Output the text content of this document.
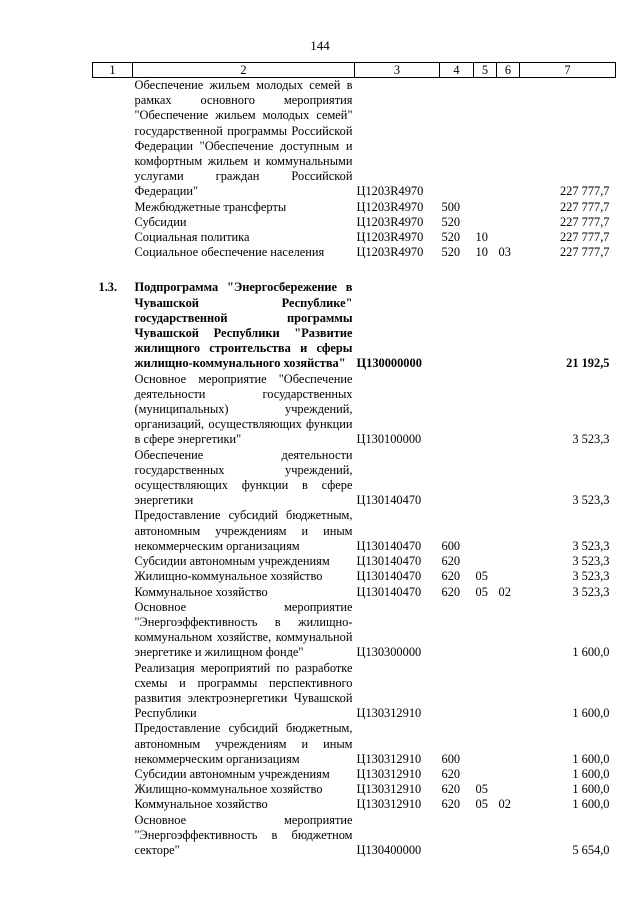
144
1	2	3	4	5	6	7
	Обеспечение жильем молодых семей в рамках основного мероприятия "Обеспечение жильем молодых семей" государственной программы Российской Федерации "Обеспечение доступным и комфортным жильем и коммунальными услугами граждан Российской Федерации"	Ц1203R4970				227 777,7
	Межбюджетные трансферты	Ц1203R4970	500			227 777,7
	Субсидии	Ц1203R4970	520			227 777,7
	Социальная политика	Ц1203R4970	520	10		227 777,7
	Социальное обеспечение населения	Ц1203R4970	520	10	03	227 777,7

1.3.	Подпрограмма "Энергосбережение в Чувашской Республике" государственной программы Чувашской Республики "Развитие жилищного строительства и сферы жилищно-коммунального хозяйства"	Ц130000000				21 192,5
	Основное мероприятие "Обеспечение деятельности государственных (муниципальных) учреждений, организаций, осуществляющих функции в сфере энергетики"	Ц130100000				3 523,3
	Обеспечение деятельности государственных учреждений, осуществляющих функции в сфере энергетики	Ц130140470				3 523,3
	Предоставление субсидий бюджетным, автономным учреждениям и иным некоммерческим организациям	Ц130140470	600			3 523,3
	Субсидии автономным учреждениям	Ц130140470	620			3 523,3
	Жилищно-коммунальное хозяйство	Ц130140470	620	05		3 523,3
	Коммунальное хозяйство	Ц130140470	620	05	02	3 523,3
	Основное мероприятие "Энергоэффективность в жилищно-коммунальном хозяйстве, коммунальной энергетике и жилищном фонде"	Ц130300000				1 600,0
	Реализация мероприятий по разработке схемы и программы перспективного развития электроэнергетики Чувашской Республики	Ц130312910				1 600,0
	Предоставление субсидий бюджетным, автономным учреждениям и иным некоммерческим организациям	Ц130312910	600			1 600,0
	Субсидии автономным учреждениям	Ц130312910	620			1 600,0
	Жилищно-коммунальное хозяйство	Ц130312910	620	05		1 600,0
	Коммунальное хозяйство	Ц130312910	620	05	02	1 600,0
	Основное мероприятие "Энергоэффективность в бюджетном секторе"	Ц130400000				5 654,0
